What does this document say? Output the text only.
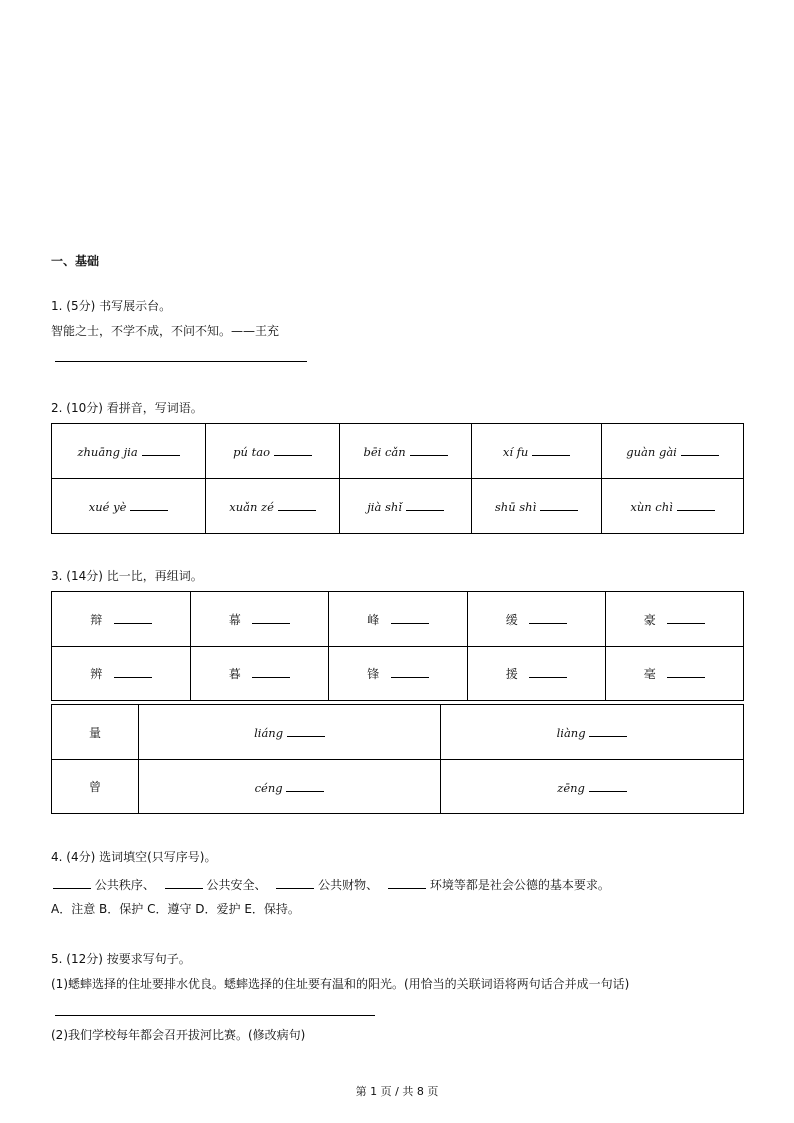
一、基础
1. (5分) 书写展示台。
智能之士，不学不成，不问不知。——王充
2. (10分) 看拼音，写词语。
zhuāng jia	pú tao	bēi cǎn	xí fu	guàn gài
xué yè	xuǎn zé	jià shǐ	shū shì	xùn chì
3. (14分) 比一比，再组词。
辩	幕	峰	缓	豪
辨	暮	锋	援	毫
量	liáng	liàng
曾	céng	zēng
4. (4分) 选词填空(只写序号)。
公共秩序、	公共安全、	公共财物、	环境等都是社会公德的基本要求。
A．注意 B．保护 C．遵守 D．爱护 E．保持。
5. (12分) 按要求写句子。
(1)蟋蟀选择的住址要排水优良。蟋蟀选择的住址要有温和的阳光。(用恰当的关联词语将两句话合并成一句话)
(2)我们学校每年都会召开拔河比赛。(修改病句)
第 1 页 / 共 8 页
